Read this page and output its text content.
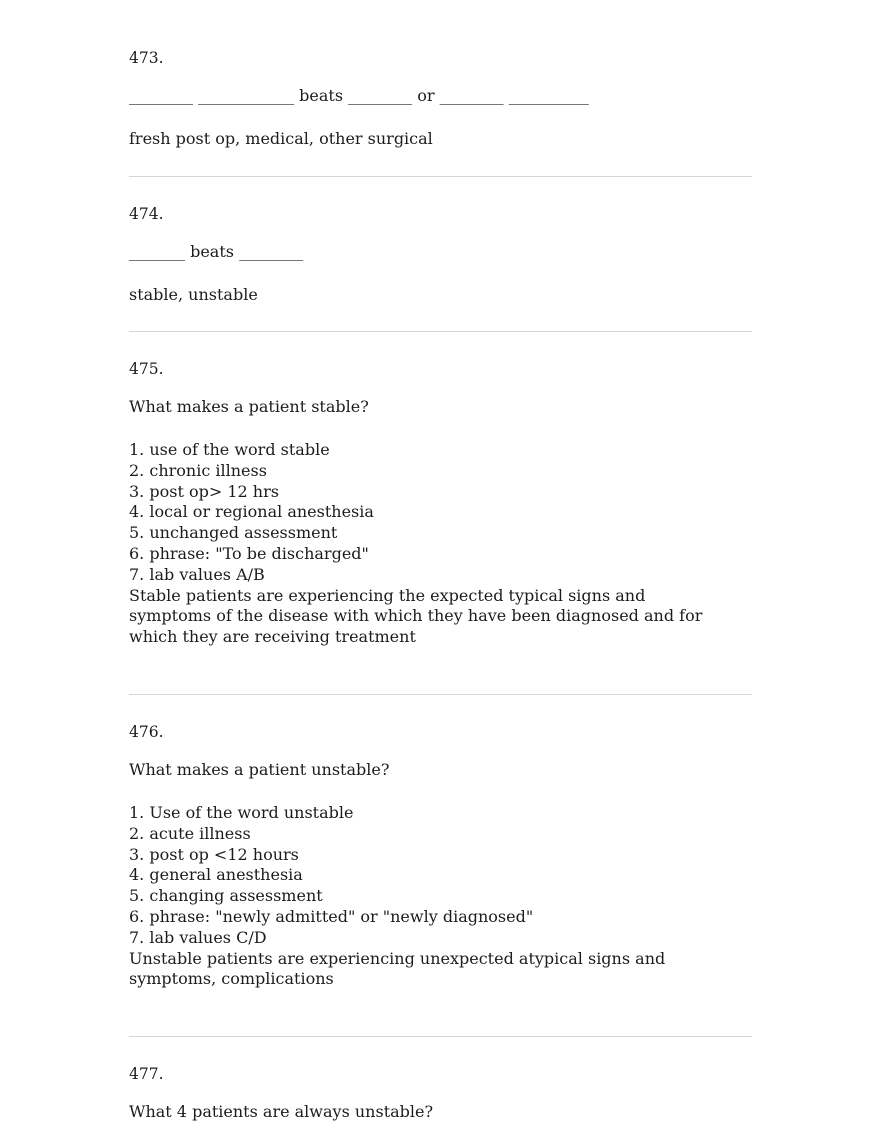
473.

________ ____________ beats ________ or ________ __________

fresh post op, medical, other surgical

474.

_______ beats ________

stable, unstable

475.

What makes a patient stable?

1. use of the word stable
2. chronic illness
3. post op> 12 hrs
4. local or regional anesthesia
5. unchanged assessment
6. phrase: "To be discharged"
7. lab values A/B
Stable patients are experiencing the expected typical signs and
symptoms of the disease with which they have been diagnosed and for
which they are receiving treatment

476.

What makes a patient unstable?

1. Use of the word unstable
2. acute illness
3. post op <12 hours
4. general anesthesia
5. changing assessment
6. phrase: "newly admitted" or "newly diagnosed"
7. lab values C/D
Unstable patients are experiencing unexpected atypical signs and
symptoms, complications

477.

What 4 patients are always unstable?
